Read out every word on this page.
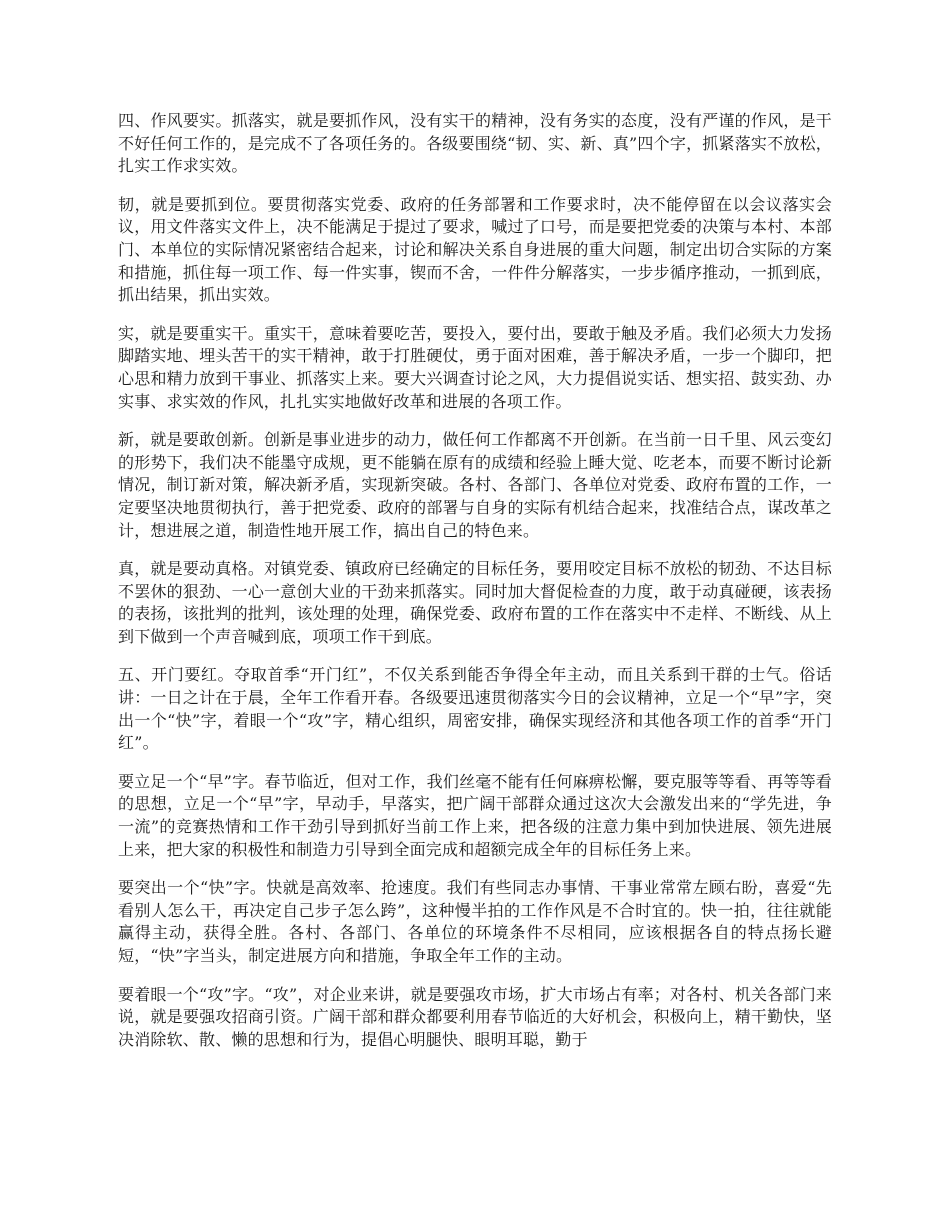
四、作风要实。抓落实，就是要抓作风，没有实干的精神，没有务实的态度，没有严谨的作风，是干不好任何工作的，是完成不了各项任务的。各级要围绕“韧、实、新、真”四个字，抓紧落实不放松，扎实工作求实效。

韧，就是要抓到位。要贯彻落实党委、政府的任务部署和工作要求时，决不能停留在以会议落实会议，用文件落实文件上，决不能满足于提过了要求，喊过了口号，而是要把党委的决策与本村、本部门、本单位的实际情况紧密结合起来，讨论和解决关系自身进展的重大问题，制定出切合实际的方案和措施，抓住每一项工作、每一件实事，锲而不舍，一件件分解落实，一步步循序推动，一抓到底，抓出结果，抓出实效。

实，就是要重实干。重实干，意味着要吃苦，要投入，要付出，要敢于触及矛盾。我们必须大力发扬脚踏实地、埋头苦干的实干精神，敢于打胜硬仗，勇于面对困难，善于解决矛盾，一步一个脚印，把心思和精力放到干事业、抓落实上来。要大兴调查讨论之风，大力提倡说实话、想实招、鼓实劲、办实事、求实效的作风，扎扎实实地做好改革和进展的各项工作。

新，就是要敢创新。创新是事业进步的动力，做任何工作都离不开创新。在当前一日千里、风云变幻的形势下，我们决不能墨守成规，更不能躺在原有的成绩和经验上睡大觉、吃老本，而要不断讨论新情况，制订新对策，解决新矛盾，实现新突破。各村、各部门、各单位对党委、政府布置的工作，一定要坚决地贯彻执行，善于把党委、政府的部署与自身的实际有机结合起来，找准结合点，谋改革之计，想进展之道，制造性地开展工作，搞出自己的特色来。

真，就是要动真格。对镇党委、镇政府已经确定的目标任务，要用咬定目标不放松的韧劲、不达目标不罢休的狠劲、一心一意创大业的干劲来抓落实。同时加大督促检查的力度，敢于动真碰硬，该表扬的表扬，该批判的批判，该处理的处理，确保党委、政府布置的工作在落实中不走样、不断线、从上到下做到一个声音喊到底，项项工作干到底。

五、开门要红。夺取首季“开门红”，不仅关系到能否争得全年主动，而且关系到干群的士气。俗话讲：一日之计在于晨，全年工作看开春。各级要迅速贯彻落实今日的会议精神，立足一个“早”字，突出一个“快”字，着眼一个“攻”字，精心组织，周密安排，确保实现经济和其他各项工作的首季“开门红”。

要立足一个“早”字。春节临近，但对工作，我们丝毫不能有任何麻痹松懈，要克服等等看、再等等看的思想，立足一个“早”字，早动手，早落实，把广阔干部群众通过这次大会激发出来的“学先进，争一流”的竞赛热情和工作干劲引导到抓好当前工作上来，把各级的注意力集中到加快进展、领先进展上来，把大家的积极性和制造力引导到全面完成和超额完成全年的目标任务上来。

要突出一个“快”字。快就是高效率、抢速度。我们有些同志办事情、干事业常常左顾右盼，喜爱“先看别人怎么干，再决定自己步子怎么跨”，这种慢半拍的工作作风是不合时宜的。快一拍，往往就能赢得主动，获得全胜。各村、各部门、各单位的环境条件不尽相同，应该根据各自的特点扬长避短，“快”字当头，制定进展方向和措施，争取全年工作的主动。

要着眼一个“攻”字。“攻”，对企业来讲，就是要强攻市场，扩大市场占有率；对各村、机关各部门来说，就是要强攻招商引资。广阔干部和群众都要利用春节临近的大好机会，积极向上，精干勤快，坚决消除软、散、懒的思想和行为，提倡心明腿快、眼明耳聪，勤于
